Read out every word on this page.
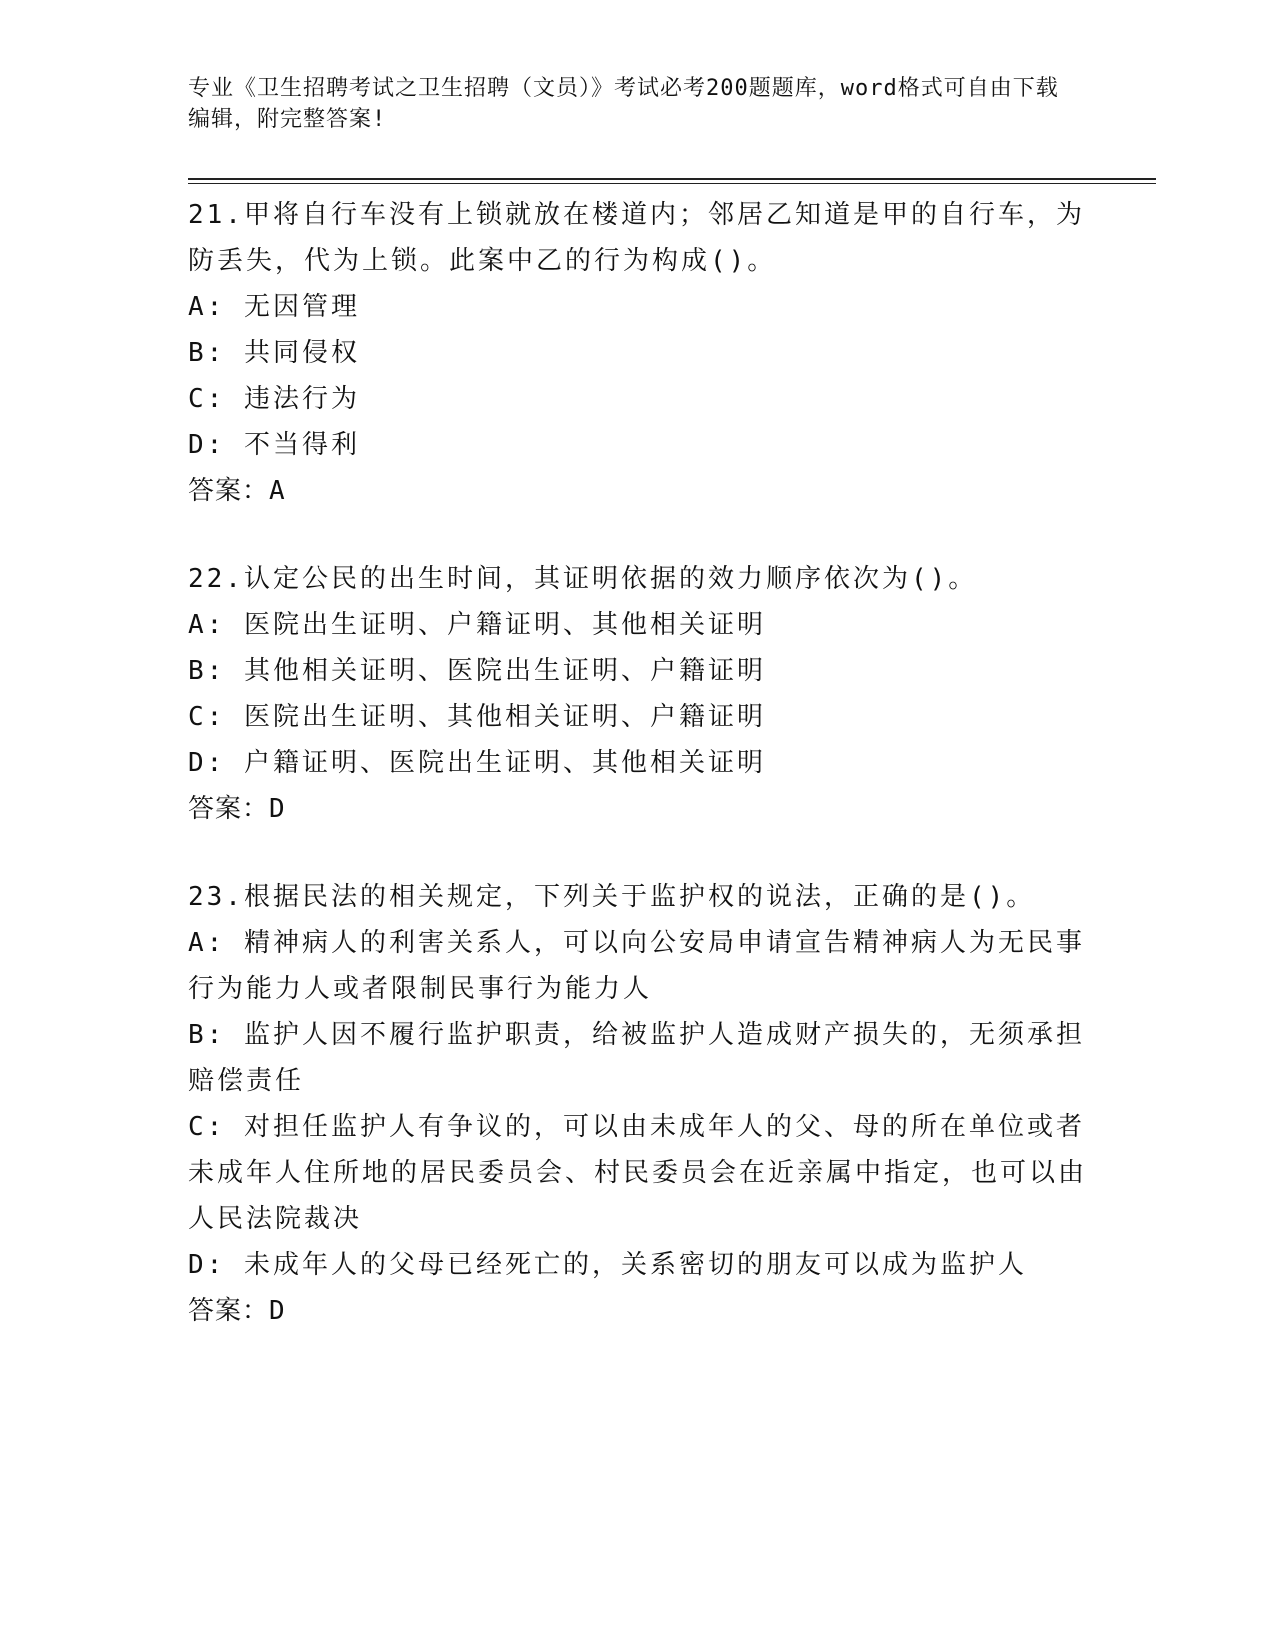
专业《卫生招聘考试之卫生招聘（文员）》考试必考200题题库，word格式可自由下载编辑，附完整答案!
21.甲将自行车没有上锁就放在楼道内；邻居乙知道是甲的自行车，为防丢失，代为上锁。此案中乙的行为构成()。
A: 无因管理
B: 共同侵权
C: 违法行为
D: 不当得利
答案：A
22.认定公民的出生时间，其证明依据的效力顺序依次为()。
A: 医院出生证明、户籍证明、其他相关证明
B: 其他相关证明、医院出生证明、户籍证明
C: 医院出生证明、其他相关证明、户籍证明
D: 户籍证明、医院出生证明、其他相关证明
答案：D
23.根据民法的相关规定，下列关于监护权的说法，正确的是()。
A: 精神病人的利害关系人，可以向公安局申请宣告精神病人为无民事行为能力人或者限制民事行为能力人
B: 监护人因不履行监护职责，给被监护人造成财产损失的，无须承担赔偿责任
C: 对担任监护人有争议的，可以由未成年人的父、母的所在单位或者未成年人住所地的居民委员会、村民委员会在近亲属中指定，也可以由人民法院裁决
D: 未成年人的父母已经死亡的，关系密切的朋友可以成为监护人
答案：D
